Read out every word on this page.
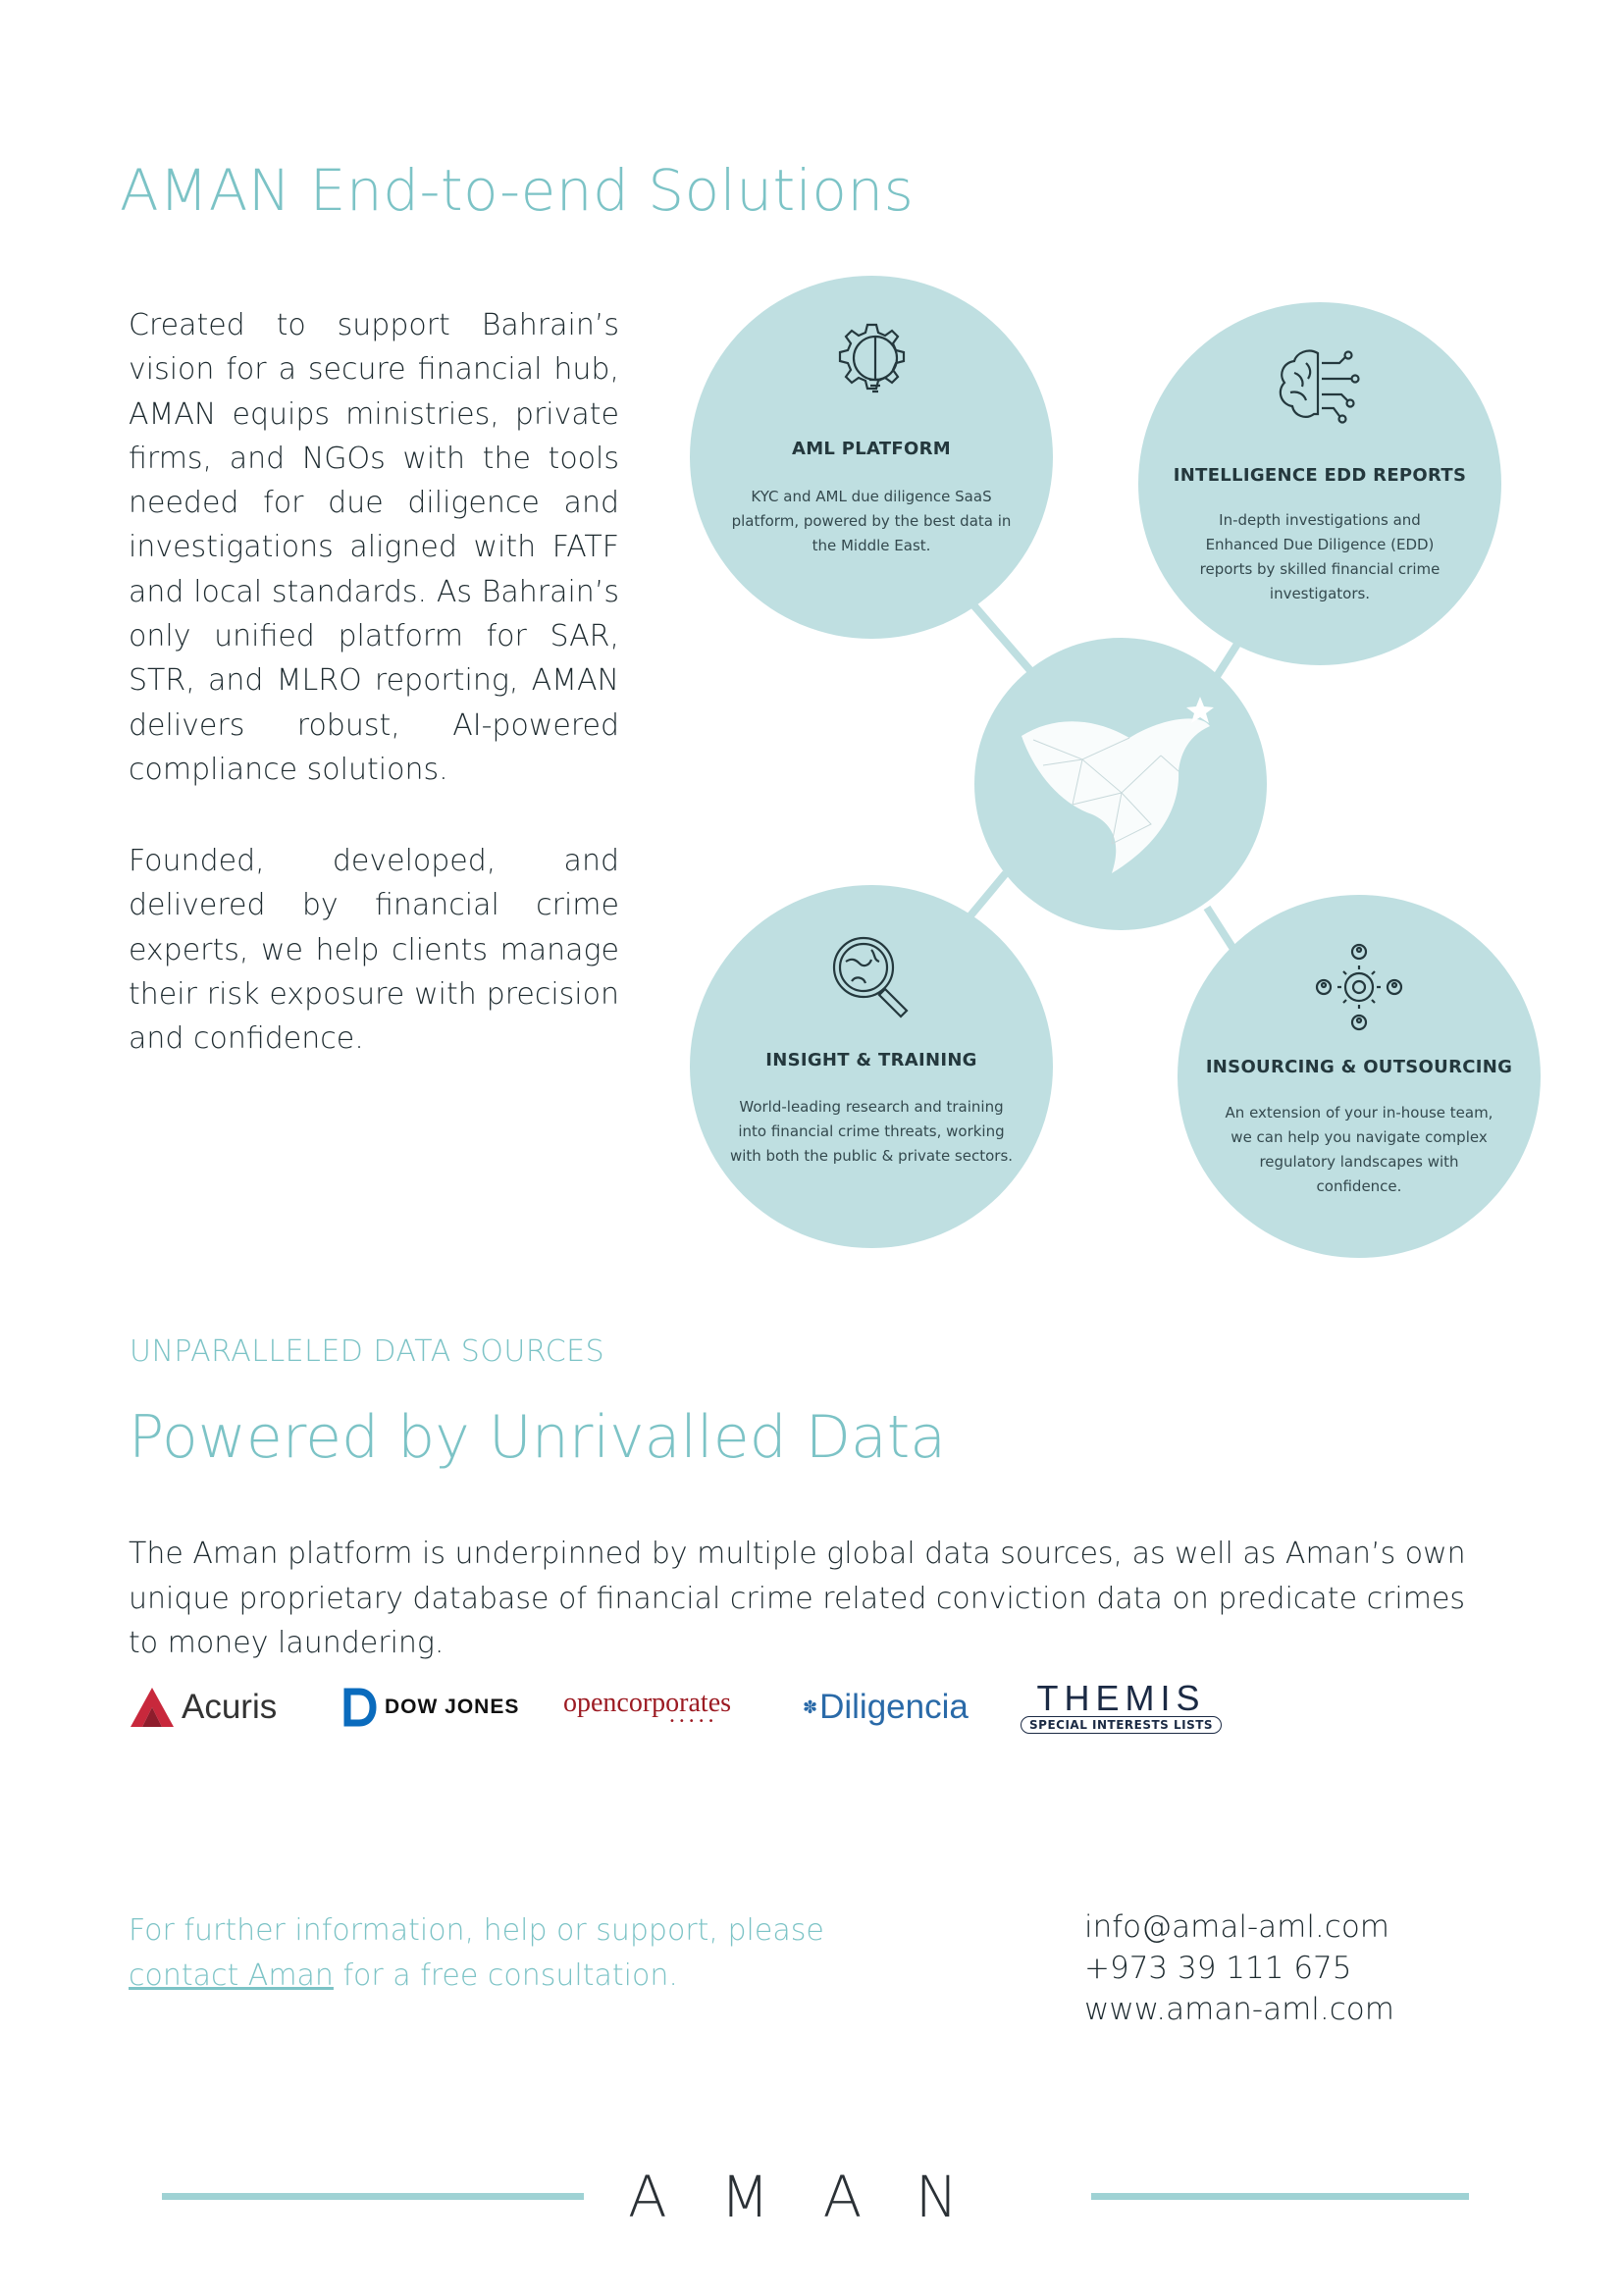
AMAN End-to-end Solutions
Created to support Bahrain’s vision for a secure financial hub, AMAN equips ministries, private firms, and NGOs with the tools needed for due diligence and investigations aligned with FATF and local standards. As Bahrain’s only unified platform for SAR, STR, and MLRO reporting, AMAN delivers robust, AI-powered compliance solutions.
Founded, developed, and delivered by financial crime experts, we help clients manage their risk exposure with precision and confidence.
AML PLATFORM
KYC and AML due diligence SaaS platform, powered by the best data in the Middle East.
INTELLIGENCE EDD REPORTS
In-depth investigations and Enhanced Due Diligence (EDD) reports by skilled financial crime investigators.
INSIGHT & TRAINING
World-leading research and training into financial crime threats, working with both the public & private sectors.
INSOURCING & OUTSOURCING
An extension of your in-house team, we can help you navigate complex regulatory landscapes with confidence.
UNPARALLELED DATA SOURCES
Powered by Unrivalled Data
The Aman platform is underpinned by multiple global data sources, as well as Aman’s own unique proprietary database of financial crime related conviction data on predicate crimes to money laundering.
Acuris	DOW JONES opencorporates
•••••
✽ Diligencia THEMIS
SPECIAL INTERESTS LISTS
For further information, help or support, please
contact Aman for a free consultation.
info@amal-aml.com
+973 39 111 675
www.aman-aml.com
A M A N
